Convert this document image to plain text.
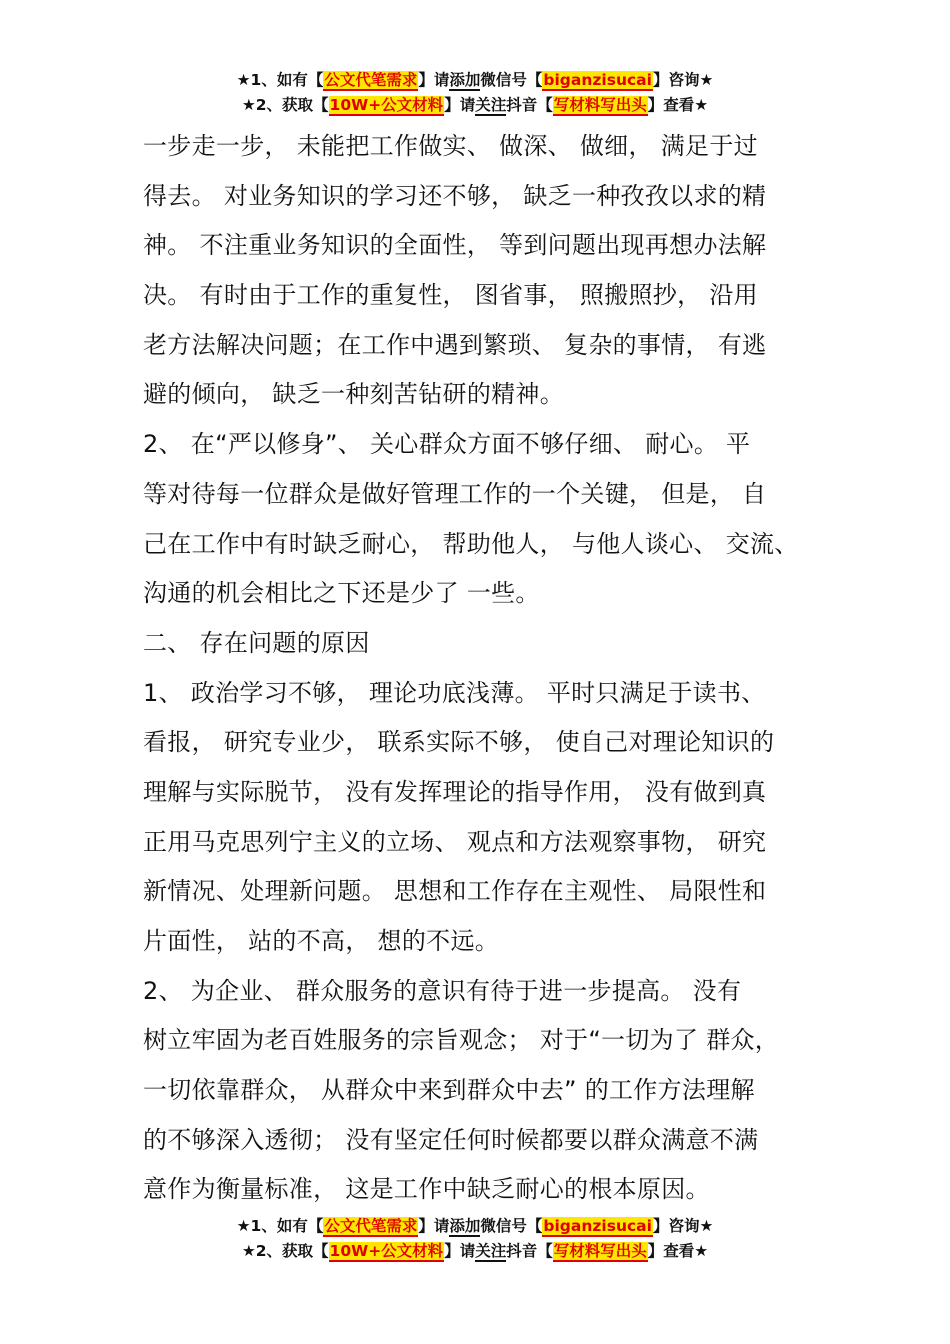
★1、如有【公文代笔需求】请添加微信号【biganzisucai】咨询★
★2、获取【10W+公文材料】请关注抖音【写材料写出头】查看★
一步走一步， 未能把工作做实、 做深、 做细， 满足于过
得去。 对业务知识的学习还不够， 缺乏一种孜孜以求的精
神。 不注重业务知识的全面性， 等到问题出现再想办法解
决。 有时由于工作的重复性， 图省事， 照搬照抄， 沿用
老方法解决问题；在工作中遇到繁琐、 复杂的事情， 有逃
避的倾向， 缺乏一种刻苦钻研的精神。
2、 在“严以修身”、 关心群众方面不够仔细、 耐心。 平
等对待每一位群众是做好管理工作的一个关键， 但是， 自
己在工作中有时缺乏耐心， 帮助他人， 与他人谈心、 交流、
沟通的机会相比之下还是少了 一些。
二、 存在问题的原因
1、 政治学习不够， 理论功底浅薄。 平时只满足于读书、
看报， 研究专业少， 联系实际不够， 使自己对理论知识的
理解与实际脱节， 没有发挥理论的指导作用， 没有做到真
正用马克思列宁主义的立场、 观点和方法观察事物， 研究
新情况、处理新问题。 思想和工作存在主观性、 局限性和
片面性， 站的不高， 想的不远。
2、 为企业、 群众服务的意识有待于进一步提高。 没有
树立牢固为老百姓服务的宗旨观念； 对于“一切为了 群众，
一切依靠群众， 从群众中来到群众中去” 的工作方法理解
的不够深入透彻； 没有坚定任何时候都要以群众满意不满
意作为衡量标准， 这是工作中缺乏耐心的根本原因。
★1、如有【公文代笔需求】请添加微信号【biganzisucai】咨询★
★2、获取【10W+公文材料】请关注抖音【写材料写出头】查看★
